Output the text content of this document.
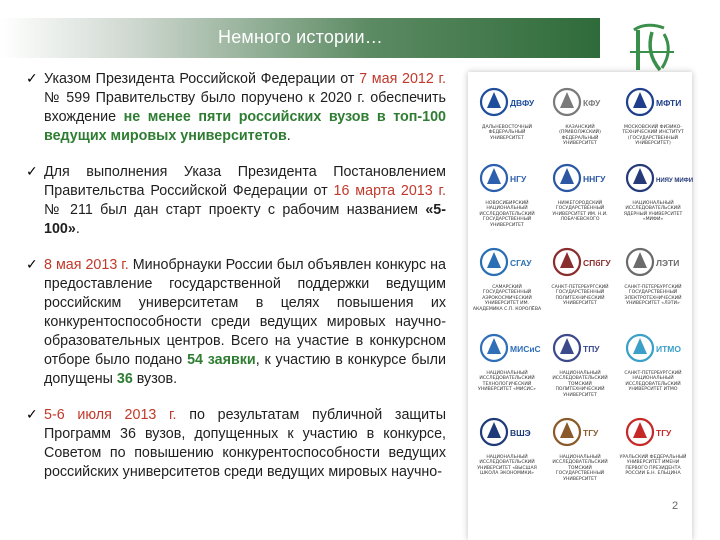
Немного истории…
✓ Указом Президента Российской Федерации от 7 мая 2012 г. № 599 Правительству было поручено к 2020 г. обеспечить вхождение не менее пяти российских вузов в топ-100 ведущих мировых университетов.
✓ Для выполнения Указа Президента Постановлением Правительства Российской Федерации от 16 марта 2013 г. № 211 был дан старт проекту с рабочим названием «5-100».
✓ 8 мая 2013 г. Минобрнауки России был объявлен конкурс на предоставление государственной поддержки ведущим российским университетам в целях повышения их конкурентоспособности среди ведущих мировых научно-образовательных центров. Всего на участие в конкурсном отборе было подано 54 заявки, к участию в конкурсе были допущены 36 вузов.
✓ 5-6 июля 2013 г. по результатам публичной защиты Программ 36 вузов, допущенных к участию в конкурсе, Советом по повышению конкурентоспособности ведущих российских университетов среди ведущих мировых научно-
ДВФУ
ДАЛЬНЕВОСТОЧНЫЙ ФЕДЕРАЛЬНЫЙ УНИВЕРСИТЕТ
КФУ
КАЗАНСКИЙ (ПРИВОЛЖСКИЙ) ФЕДЕРАЛЬНЫЙ УНИВЕРСИТЕТ
МФТИ
МОСКОВСКИЙ ФИЗИКО-ТЕХНИЧЕСКИЙ ИНСТИТУТ (ГОСУДАРСТВЕННЫЙ УНИВЕРСИТЕТ)
НГУ
НОВОСИБИРСКИЙ НАЦИОНАЛЬНЫЙ ИССЛЕДОВАТЕЛЬСКИЙ ГОСУДАРСТВЕННЫЙ УНИВЕРСИТЕТ
ННГУ
НИЖЕГОРОДСКИЙ ГОСУДАРСТВЕННЫЙ УНИВЕРСИТЕТ ИМ. Н.И. ЛОБАЧЕВСКОГО
НИЯУ МИФИ
НАЦИОНАЛЬНЫЙ ИССЛЕДОВАТЕЛЬСКИЙ ЯДЕРНЫЙ УНИВЕРСИТЕТ «МИФИ»
СГАУ
САМАРСКИЙ ГОСУДАРСТВЕННЫЙ АЭРОКОСМИЧЕСКИЙ УНИВЕРСИТЕТ ИМ. АКАДЕМИКА С.П. КОРОЛЁВА
СПбГУ
САНКТ-ПЕТЕРБУРГСКИЙ ГОСУДАРСТВЕННЫЙ ПОЛИТЕХНИЧЕСКИЙ УНИВЕРСИТЕТ
ЛЭТИ
САНКТ-ПЕТЕРБУРГСКИЙ ГОСУДАРСТВЕННЫЙ ЭЛЕКТРОТЕХНИЧЕСКИЙ УНИВЕРСИТЕТ «ЛЭТИ»
МИСиС
НАЦИОНАЛЬНЫЙ ИССЛЕДОВАТЕЛЬСКИЙ ТЕХНОЛОГИЧЕСКИЙ УНИВЕРСИТЕТ «МИСИС»
ТПУ
НАЦИОНАЛЬНЫЙ ИССЛЕДОВАТЕЛЬСКИЙ ТОМСКИЙ ПОЛИТЕХНИЧЕСКИЙ УНИВЕРСИТЕТ
ИТМО
САНКТ-ПЕТЕРБУРГСКИЙ НАЦИОНАЛЬНЫЙ ИССЛЕДОВАТЕЛЬСКИЙ УНИВЕРСИТЕТ ИТМО
ВШЭ
НАЦИОНАЛЬНЫЙ ИССЛЕДОВАТЕЛЬСКИЙ УНИВЕРСИТЕТ «ВЫСШАЯ ШКОЛА ЭКОНОМИКИ»
ТГУ
НАЦИОНАЛЬНЫЙ ИССЛЕДОВАТЕЛЬСКИЙ ТОМСКИЙ ГОСУДАРСТВЕННЫЙ УНИВЕРСИТЕТ
ТГУ
УРАЛЬСКИЙ ФЕДЕРАЛЬНЫЙ УНИВЕРСИТЕТ ИМЕНИ ПЕРВОГО ПРЕЗИДЕНТА РОССИИ Б.Н. ЕЛЬЦИНА
2
